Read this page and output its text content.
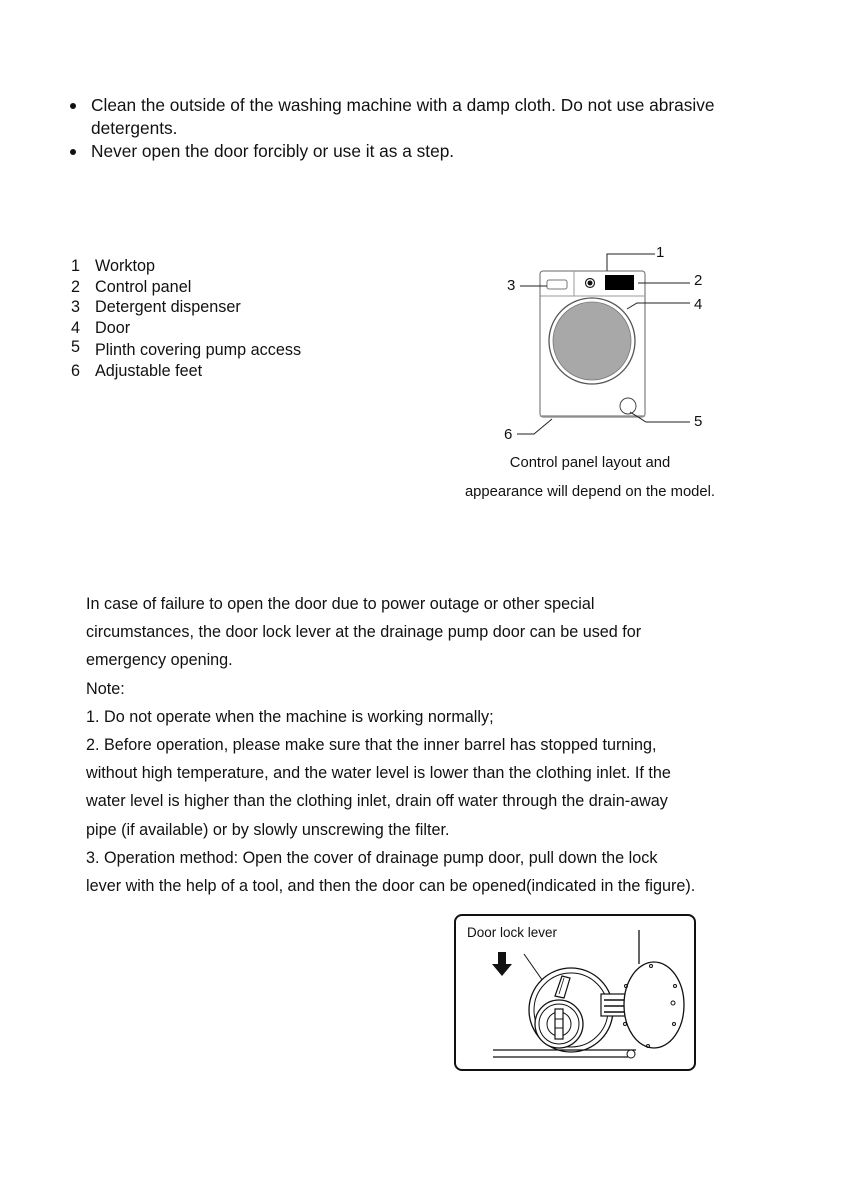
Clean the outside of the washing machine with a damp cloth. Do not use abrasive
detergents.
Never open the door forcibly or use it as a step.
1 Worktop
2 Control panel
3 Detergent dispenser
4 Door
5 Plinth covering pump access
6 Adjustable feet
1
2
3
4
5
6
Control panel layout and
appearance will depend on the model.
In case of failure to open the door due to power outage or other special
circumstances, the door lock lever at the drainage pump door can be used for
emergency opening.
Note:
1. Do not operate when the machine is working normally;
2. Before operation, please make sure that the inner barrel has stopped turning,
without high temperature, and the water level is lower than the clothing inlet. If the
water level is higher than the clothing inlet, drain off water through the drain-away
pipe (if available) or by slowly unscrewing the filter.
3. Operation method: Open the cover of drainage pump door, pull down the lock
lever with the help of a tool, and then the door can be opened(indicated in the figure).
Door lock lever
